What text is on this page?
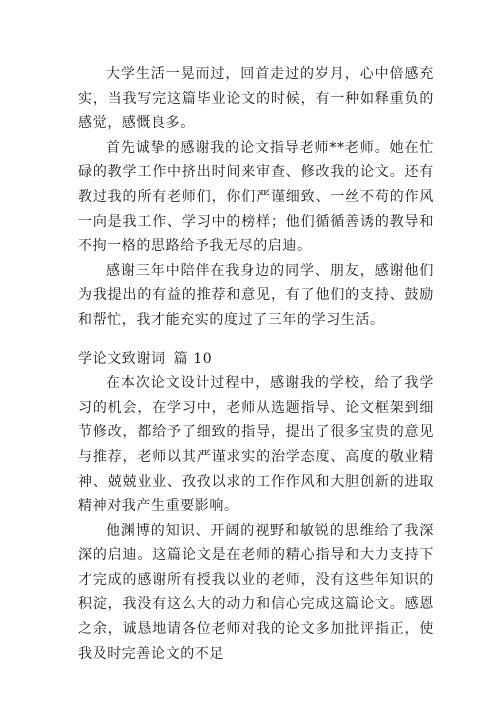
大学生活一晃而过，回首走过的岁月，心中倍感充实，当我写完这篇毕业论文的时候，有一种如释重负的感觉，感慨良多。

首先诚挚的感谢我的论文指导老师**老师。她在忙碌的教学工作中挤出时间来审查、修改我的论文。还有教过我的所有老师们，你们严谨细致、一丝不苟的作风一向是我工作、学习中的榜样；他们循循善诱的教导和不拘一格的思路给予我无尽的启迪。

感谢三年中陪伴在我身边的同学、朋友，感谢他们为我提出的有益的推荐和意见，有了他们的支持、鼓励和帮忙，我才能充实的度过了三年的学习生活。

学论文致谢词 篇 10

在本次论文设计过程中，感谢我的学校，给了我学习的机会，在学习中，老师从选题指导、论文框架到细节修改，都给予了细致的指导，提出了很多宝贵的意见与推荐，老师以其严谨求实的治学态度、高度的敬业精神、兢兢业业、孜孜以求的工作作风和大胆创新的进取精神对我产生重要影响。

他渊博的知识、开阔的视野和敏锐的思维给了我深深的启迪。这篇论文是在老师的精心指导和大力支持下才完成的感谢所有授我以业的老师，没有这些年知识的积淀，我没有这么大的动力和信心完成这篇论文。感恩之余，诚恳地请各位老师对我的论文多加批评指正，使我及时完善论文的不足
